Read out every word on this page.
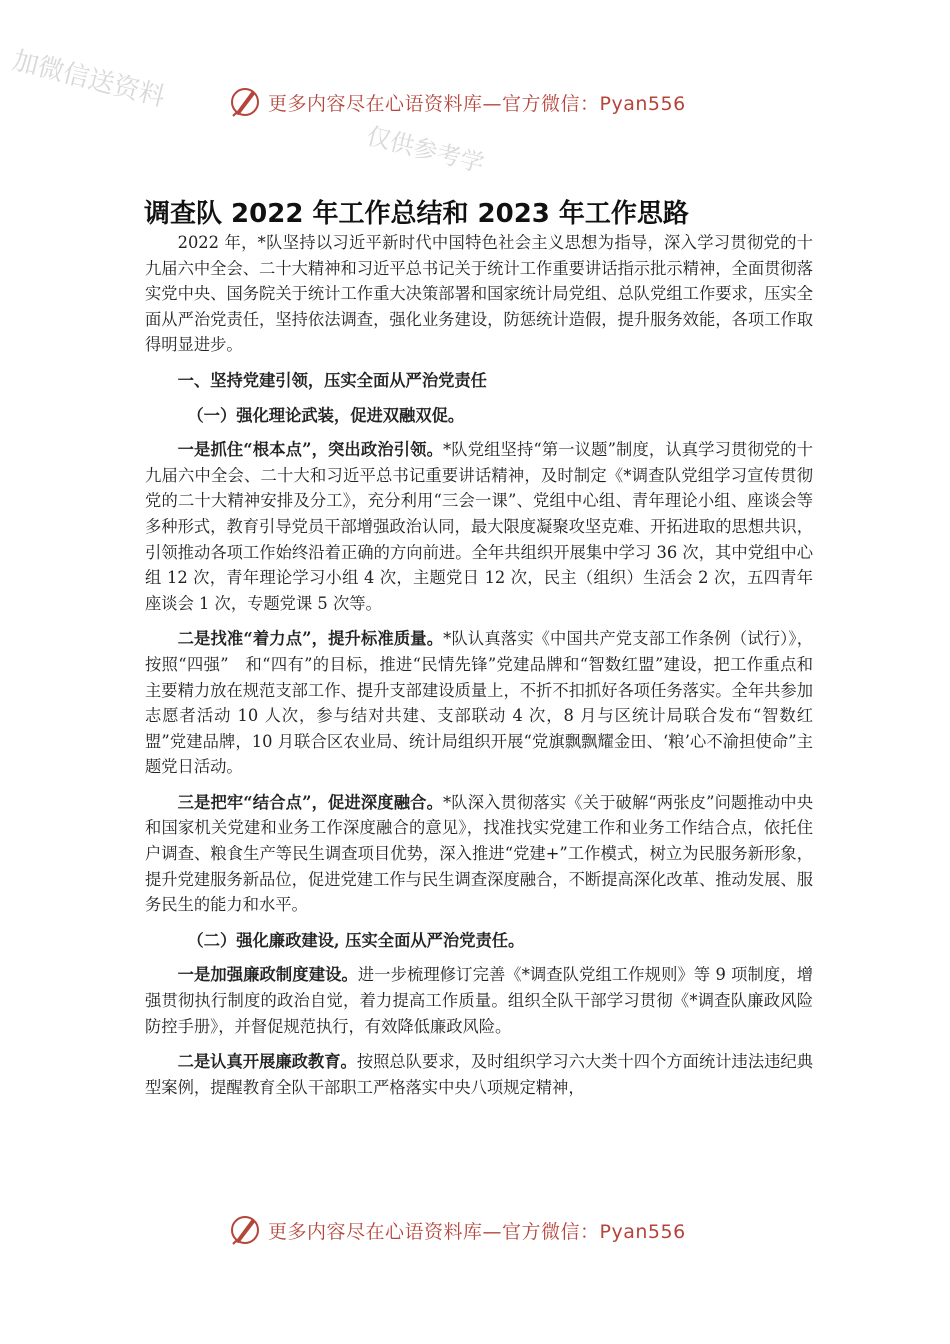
加微信送资料
仅供参考学
更多内容尽在心语资料库—官方微信：Pyan556
调查队 2022 年工作总结和 2023 年工作思路

2022 年，*队坚持以习近平新时代中国特色社会主义思想为指导，深入学习贯彻党的十九届六中全会、二十大精神和习近平总书记关于统计工作重要讲话指示批示精神，全面贯彻落实党中央、国务院关于统计工作重大决策部署和国家统计局党组、总队党组工作要求，压实全面从严治党责任，坚持依法调查，强化业务建设，防惩统计造假，提升服务效能，各项工作取得明显进步。

一、坚持党建引领，压实全面从严治党责任

（一）强化理论武装，促进双融双促。

一是抓住“根本点”，突出政治引领。*队党组坚持“第一议题”制度，认真学习贯彻党的十九届六中全会、二十大和习近平总书记重要讲话精神，及时制定《*调查队党组学习宣传贯彻党的二十大精神安排及分工》，充分利用“三会一课”、党组中心组、青年理论小组、座谈会等多种形式，教育引导党员干部增强政治认同，最大限度凝聚攻坚克难、开拓进取的思想共识，引领推动各项工作始终沿着正确的方向前进。全年共组织开展集中学习 36 次，其中党组中心组 12 次，青年理论学习小组 4 次，主题党日 12 次，民主（组织）生活会 2 次，五四青年座谈会 1 次，专题党课 5 次等。

二是找准“着力点”，提升标准质量。*队认真落实《中国共产党支部工作条例（试行）》，按照“四强”　和“四有”的目标，推进“民情先锋”党建品牌和“智数红盟”建设，把工作重点和主要精力放在规范支部工作、提升支部建设质量上，不折不扣抓好各项任务落实。全年共参加志愿者活动 10 人次，参与结对共建、支部联动 4 次，8 月与区统计局联合发布“智数红盟”党建品牌，10 月联合区农业局、统计局组织开展“党旗飘飘耀金田、‘粮’心不渝担使命”主题党日活动。

三是把牢“结合点”，促进深度融合。*队深入贯彻落实《关于破解“两张皮”问题推动中央和国家机关党建和业务工作深度融合的意见》，找准找实党建工作和业务工作结合点，依托住户调查、粮食生产等民生调查项目优势，深入推进“党建+”工作模式，树立为民服务新形象，提升党建服务新品位，促进党建工作与民生调查深度融合，不断提高深化改革、推动发展、服务民生的能力和水平。

（二）强化廉政建设, 压实全面从严治党责任。

一是加强廉政制度建设。进一步梳理修订完善《*调查队党组工作规则》等 9 项制度，增强贯彻执行制度的政治自觉，着力提高工作质量。组织全队干部学习贯彻《*调查队廉政风险防控手册》，并督促规范执行，有效降低廉政风险。

二是认真开展廉政教育。按照总队要求，及时组织学习六大类十四个方面统计违法违纪典型案例，提醒教育全队干部职工严格落实中央八项规定精神，

更多内容尽在心语资料库—官方微信：Pyan556
